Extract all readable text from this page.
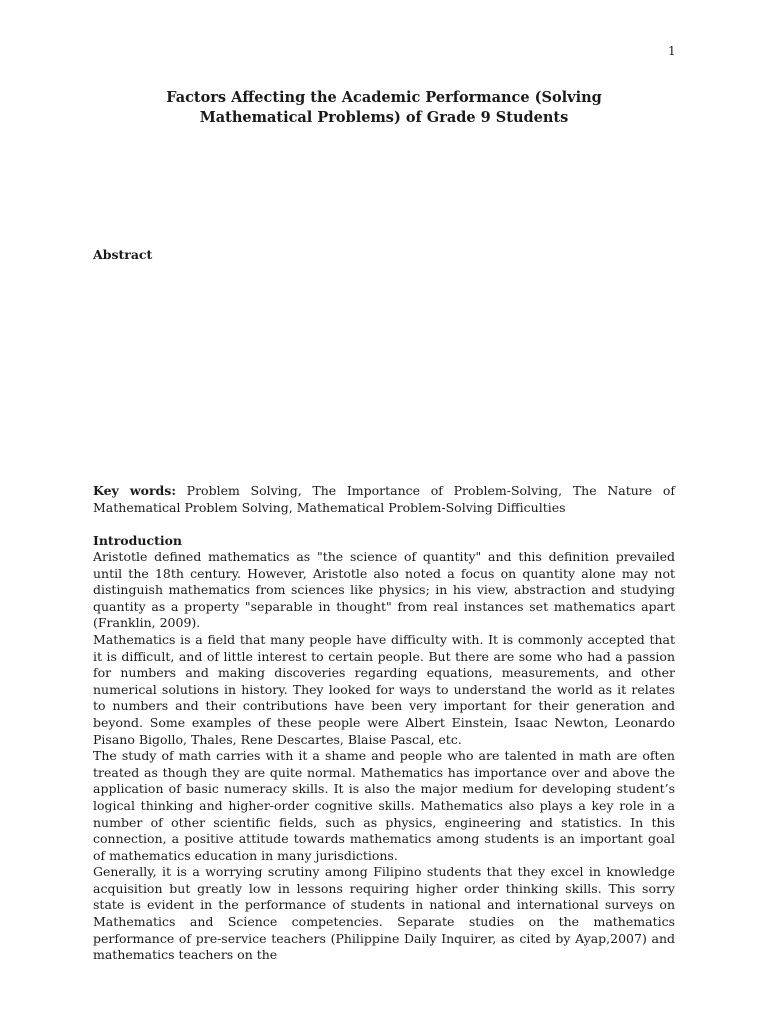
1
Factors Affecting the Academic Performance (Solving Mathematical Problems) of Grade 9 Students
Abstract
Key words: Problem Solving, The Importance of Problem-Solving, The Nature of Mathematical Problem Solving, Mathematical Problem-Solving Difficulties
Introduction

Aristotle defined mathematics as "the science of quantity" and this definition prevailed until the 18th century. However, Aristotle also noted a focus on quantity alone may not distinguish mathematics from sciences like physics; in his view, abstraction and studying quantity as a property "separable in thought" from real instances set mathematics apart (Franklin, 2009).

Mathematics is a field that many people have difficulty with. It is commonly accepted that it is difficult, and of little interest to certain people. But there are some who had a passion for numbers and making discoveries regarding equations, measurements, and other numerical solutions in history. They looked for ways to understand the world as it relates to numbers and their contributions have been very important for their generation and beyond. Some examples of these people were Albert Einstein, Isaac Newton, Leonardo Pisano Bigollo, Thales, Rene Descartes, Blaise Pascal, etc.

The study of math carries with it a shame and people who are talented in math are often treated as though they are quite normal. Mathematics has importance over and above the application of basic numeracy skills. It is also the major medium for developing student’s logical thinking and higher-order cognitive skills. Mathematics also plays a key role in a number of other scientific fields, such as physics, engineering and statistics. In this connection, a positive attitude towards mathematics among students is an important goal of mathematics education in many jurisdictions.

Generally, it is a worrying scrutiny among Filipino students that they excel in knowledge acquisition but greatly low in lessons requiring higher order thinking skills. This sorry state is evident in the performance of students in national and international surveys on Mathematics and Science competencies. Separate studies on the mathematics performance of pre-service teachers (Philippine Daily Inquirer, as cited by Ayap,2007) and mathematics teachers on the
